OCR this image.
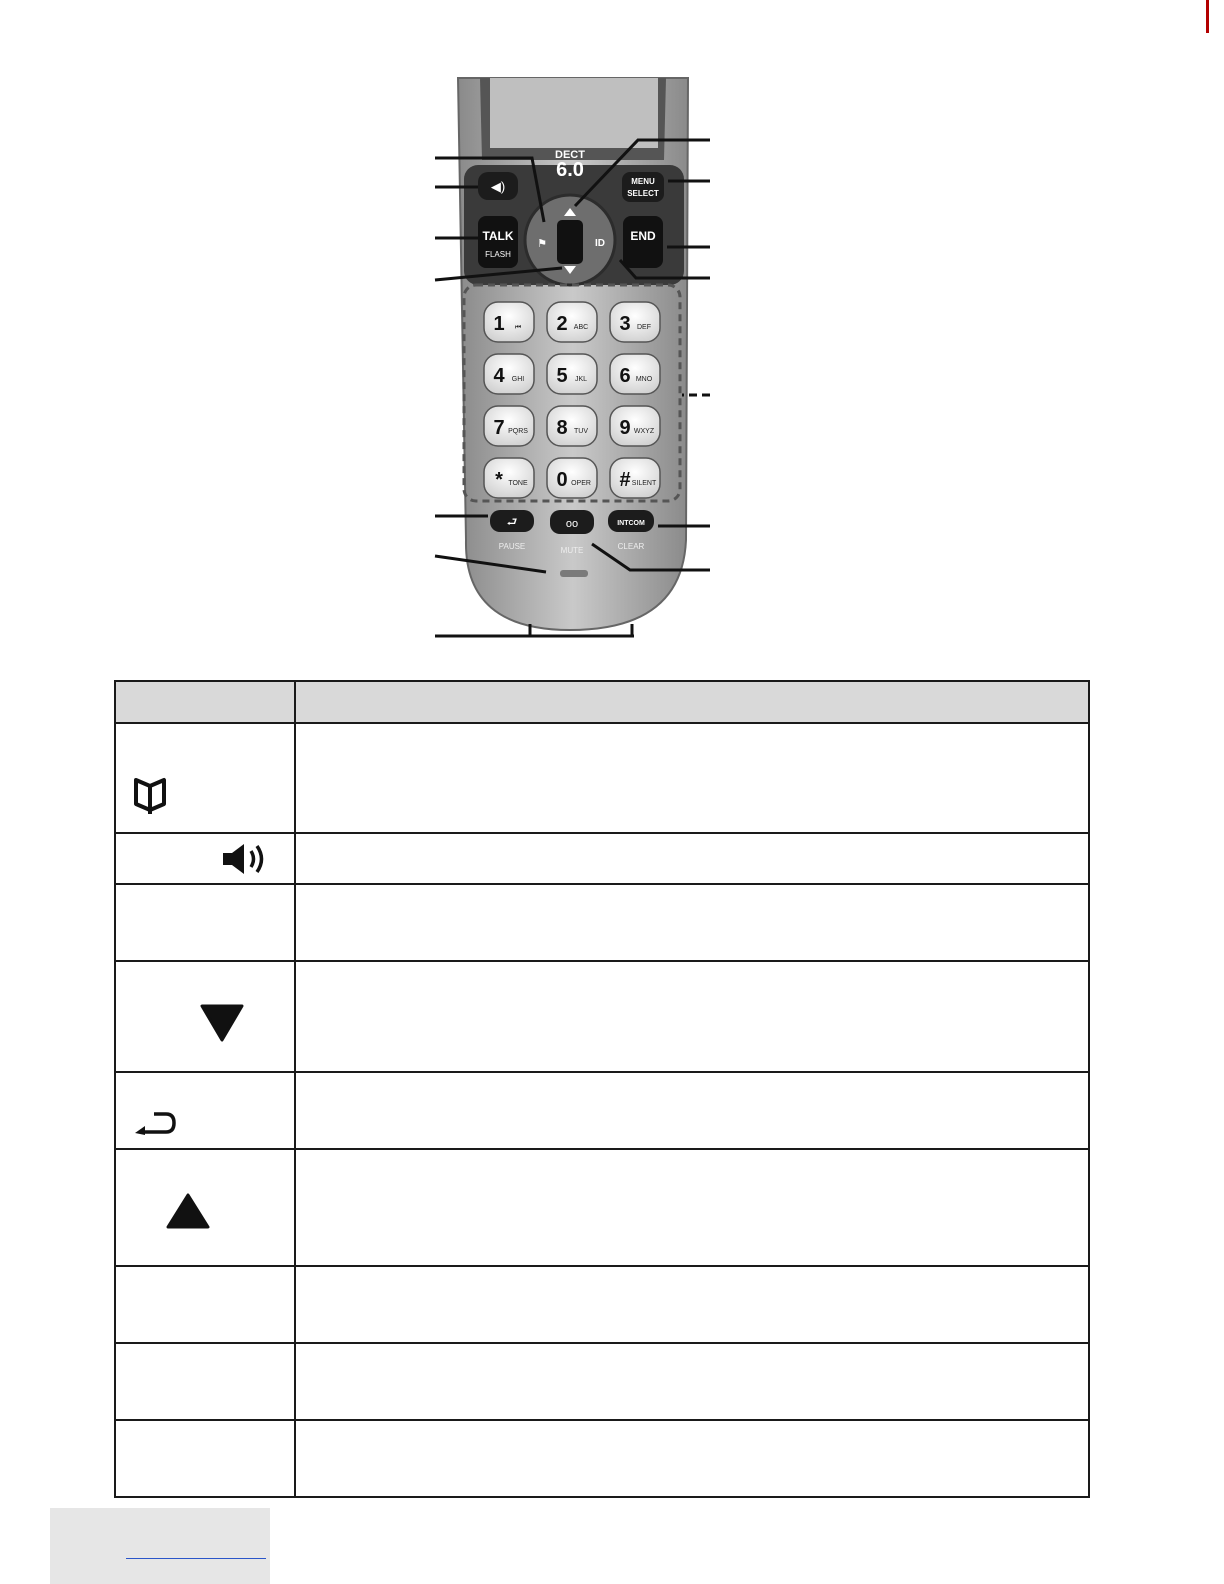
DECT
6.0
⚑	ID
◀)	MENU
SELECT
TALK
FLASH
END
1 ⏮ 2 ABC 3 DEF
4 GHI 5 JKL 6 MNO
7 PQRS 8 TUV 9 WXYZ
* TONE 0 OPER # SILENT
⮐
PAUSE
oo
MUTE
INTCOM
CLEAR
